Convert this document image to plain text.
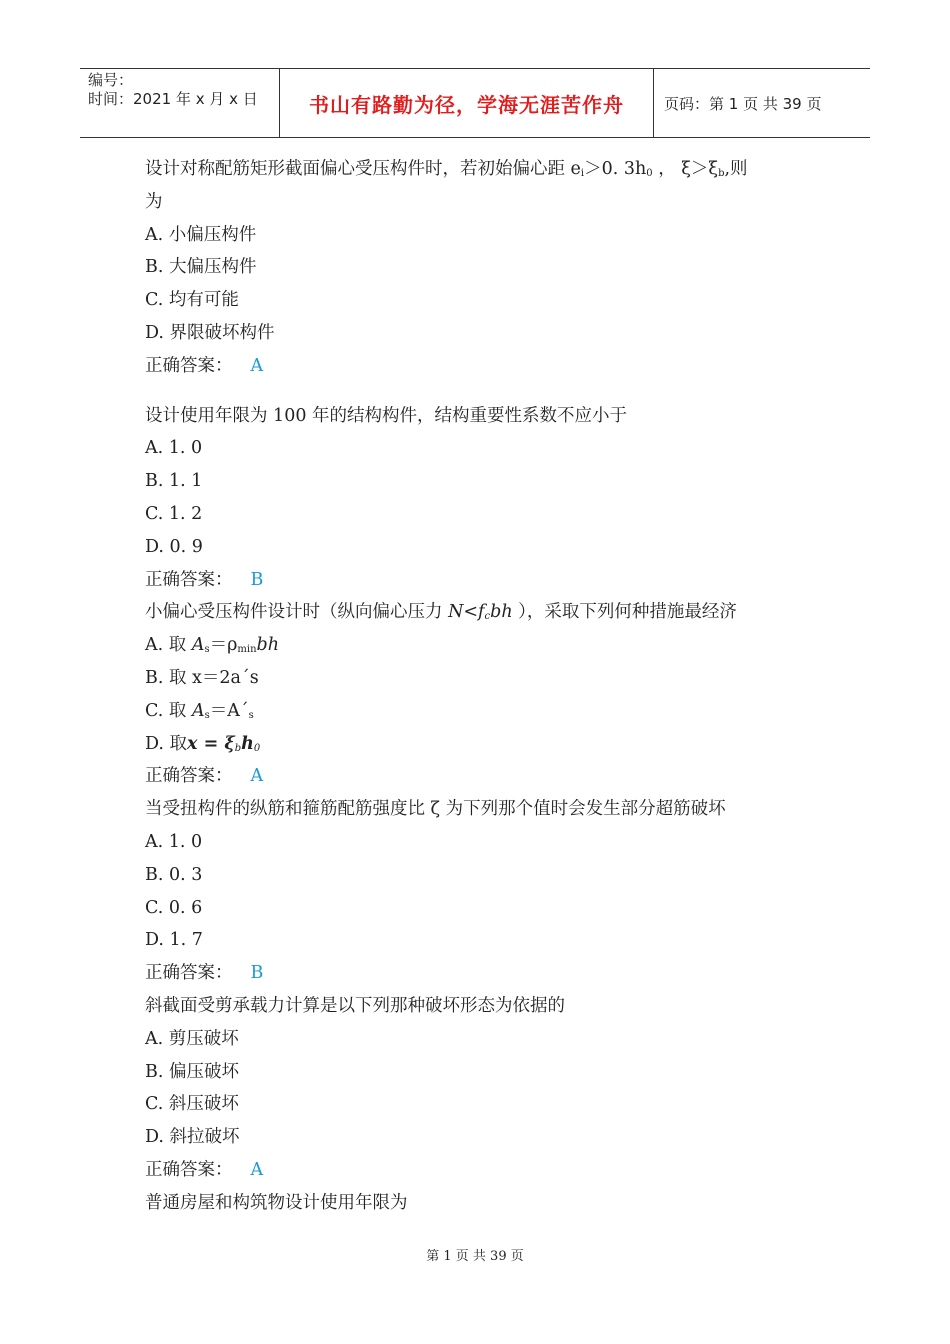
编号：
时间：2021 年 x 月 x 日	书山有路勤为径，学海无涯苦作舟	页码：第 1 页 共 39 页
设计对称配筋矩形截面偏心受压构件时，若初始偏心距 $e_i>0$. $3h_0$ ， $\xi>\xi_b$,则
为
A. 小偏压构件
B. 大偏压构件
C. 均有可能
D. 界限破坏构件
正确答案： A
设计使用年限为 100 年的结构构件，结构重要性系数不应小于
A. 1. 0
B. 1. 1
C. 1. 2
D. 0. 9
正确答案： B
小偏心受压构件设计时（纵向偏心压力 $N<f_cbh$ ），采取下列何种措施最经济
A. 取 $A_s=\rho_{min}bh$
B. 取 x＝2a´s
C. 取 $A_s=A´_s$
D. 取$x = \xi_bh_0$
正确答案： A
当受扭构件的纵筋和箍筋配筋强度比 ζ 为下列那个值时会发生部分超筋破坏
A. 1. 0
B. 0. 3
C. 0. 6
D. 1. 7
正确答案： B
斜截面受剪承载力计算是以下列那种破坏形态为依据的
A. 剪压破坏
B. 偏压破坏
C. 斜压破坏
D. 斜拉破坏
正确答案： A
普通房屋和构筑物设计使用年限为
第 1 页 共 39 页
